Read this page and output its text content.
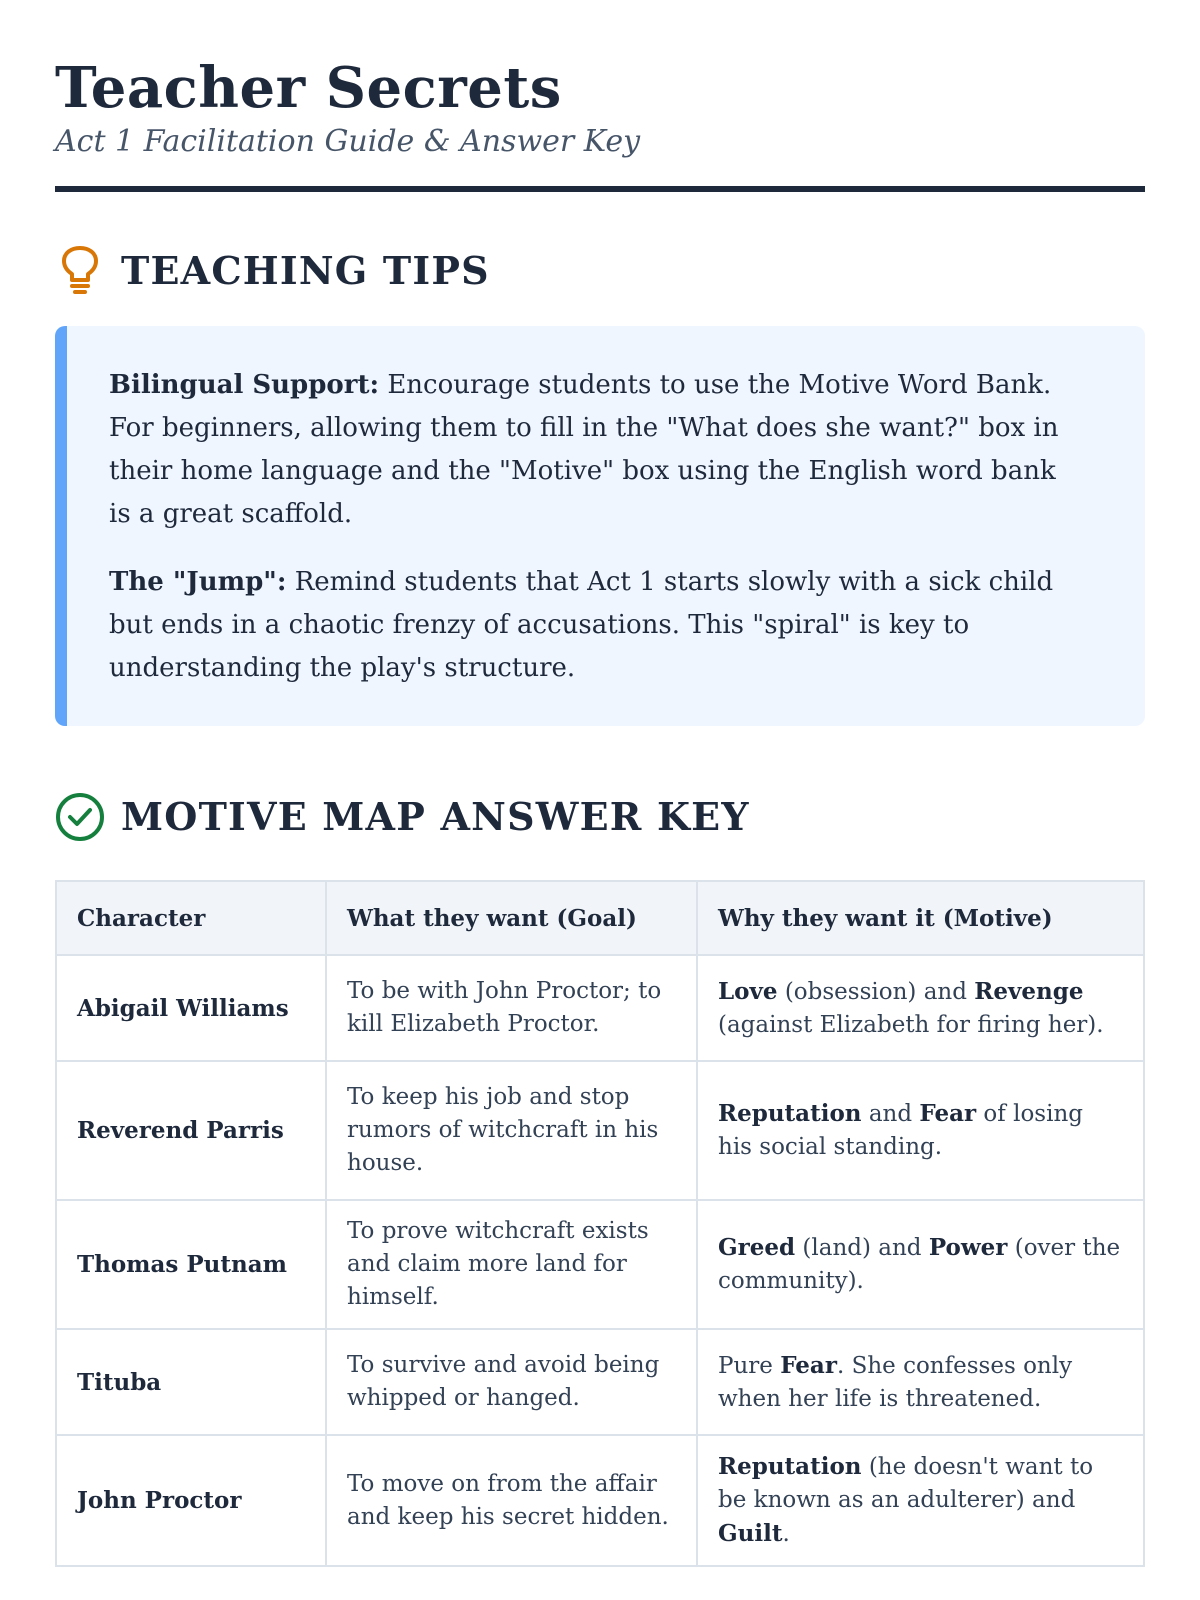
Teacher Secrets

Act 1 Facilitation Guide & Answer Key

TEACHING TIPS

Bilingual Support: Encourage students to use the Motive Word Bank. For beginners, allowing them to fill in the "What does she want?" box in their home language and the "Motive" box using the English word bank is a great scaffold.

The "Jump": Remind students that Act 1 starts slowly with a sick child but ends in a chaotic frenzy of accusations. This "spiral" is key to understanding the play's structure.

MOTIVE MAP ANSWER KEY
Character	What they want (Goal)	Why they want it (Motive)
Abigail Williams	To be with John Proctor; to kill Elizabeth Proctor.	Love (obsession) and Revenge (against Elizabeth for firing her).
Reverend Parris	To keep his job and stop rumors of witchcraft in his house.	Reputation and Fear of losing his social standing.
Thomas Putnam	To prove witchcraft exists and claim more land for himself.	Greed (land) and Power (over the community).
Tituba	To survive and avoid being whipped or hanged.	Pure Fear. She confesses only when her life is threatened.
John Proctor	To move on from the affair and keep his secret hidden.	Reputation (he doesn't want to be known as an adulterer) and Guilt.
